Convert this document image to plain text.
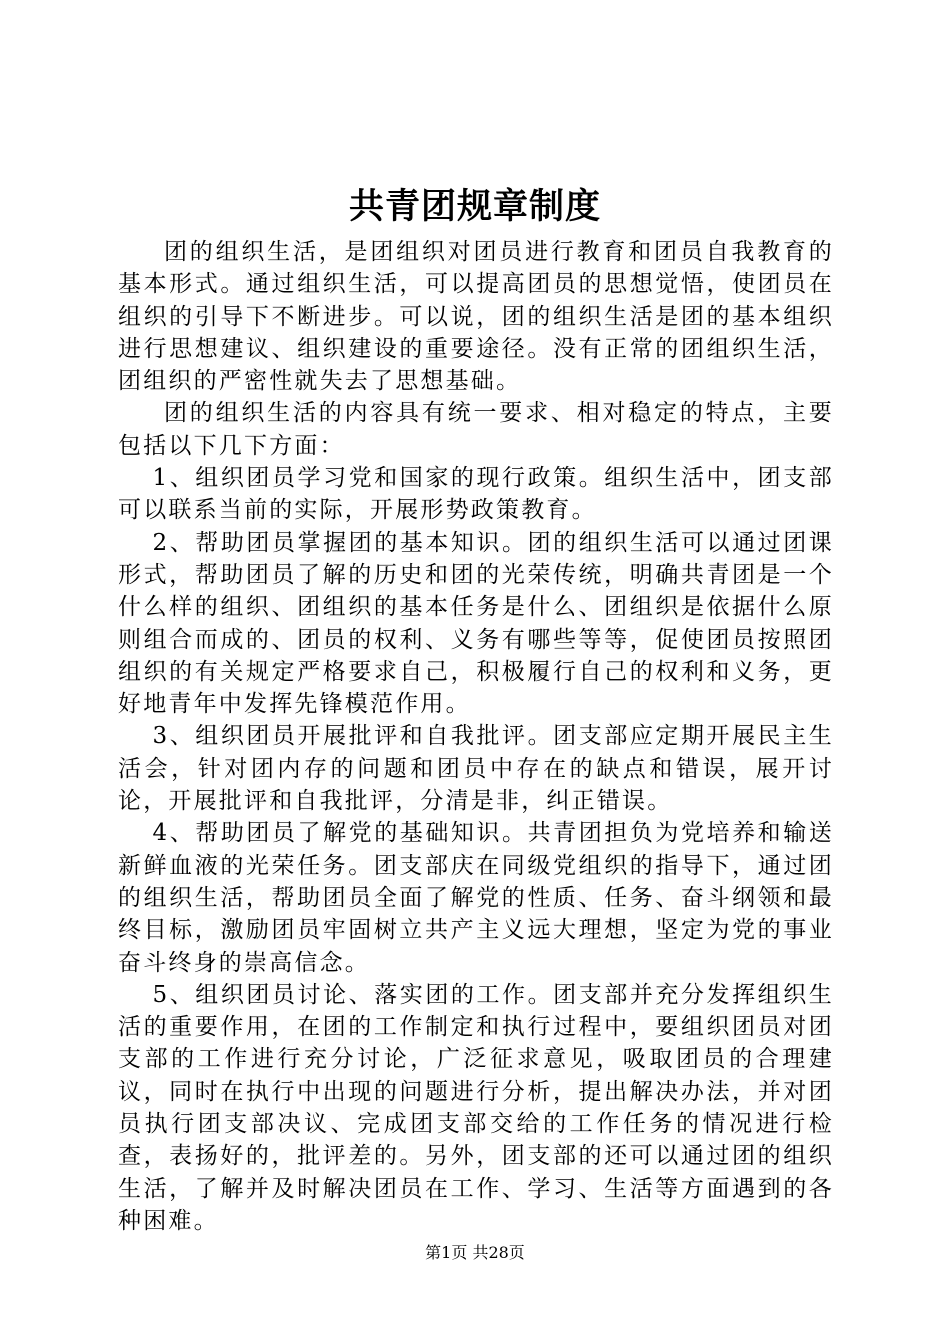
共青团规章制度

团的组织生活，是团组织对团员进行教育和团员自我教育的基本形式。通过组织生活，可以提高团员的思想觉悟，使团员在组织的引导下不断进步。可以说，团的组织生活是团的基本组织进行思想建议、组织建设的重要途径。没有正常的团组织生活，团组织的严密性就失去了思想基础。

团的组织生活的内容具有统一要求、相对稳定的特点，主要包括以下几下方面：

1、组织团员学习党和国家的现行政策。组织生活中，团支部可以联系当前的实际，开展形势政策教育。

2、帮助团员掌握团的基本知识。团的组织生活可以通过团课形式，帮助团员了解的历史和团的光荣传统，明确共青团是一个什么样的组织、团组织的基本任务是什么、团组织是依据什么原则组合而成的、团员的权利、义务有哪些等等，促使团员按照团组织的有关规定严格要求自己，积极履行自己的权利和义务，更好地青年中发挥先锋模范作用。

3、组织团员开展批评和自我批评。团支部应定期开展民主生活会，针对团内存的问题和团员中存在的缺点和错误，展开讨论，开展批评和自我批评，分清是非，纠正错误。

4、帮助团员了解党的基础知识。共青团担负为党培养和输送新鲜血液的光荣任务。团支部庆在同级党组织的指导下，通过团的组织生活，帮助团员全面了解党的性质、任务、奋斗纲领和最终目标，激励团员牢固树立共产主义远大理想，坚定为党的事业奋斗终身的崇高信念。

5、组织团员讨论、落实团的工作。团支部并充分发挥组织生活的重要作用，在团的工作制定和执行过程中，要组织团员对团支部的工作进行充分讨论，广泛征求意见，吸取团员的合理建议，同时在执行中出现的问题进行分析，提出解决办法，并对团员执行团支部决议、完成团支部交给的工作任务的情况进行检查，表扬好的，批评差的。另外，团支部的还可以通过团的组织生活，了解并及时解决团员在工作、学习、生活等方面遇到的各种困难。

第1页 共28页
